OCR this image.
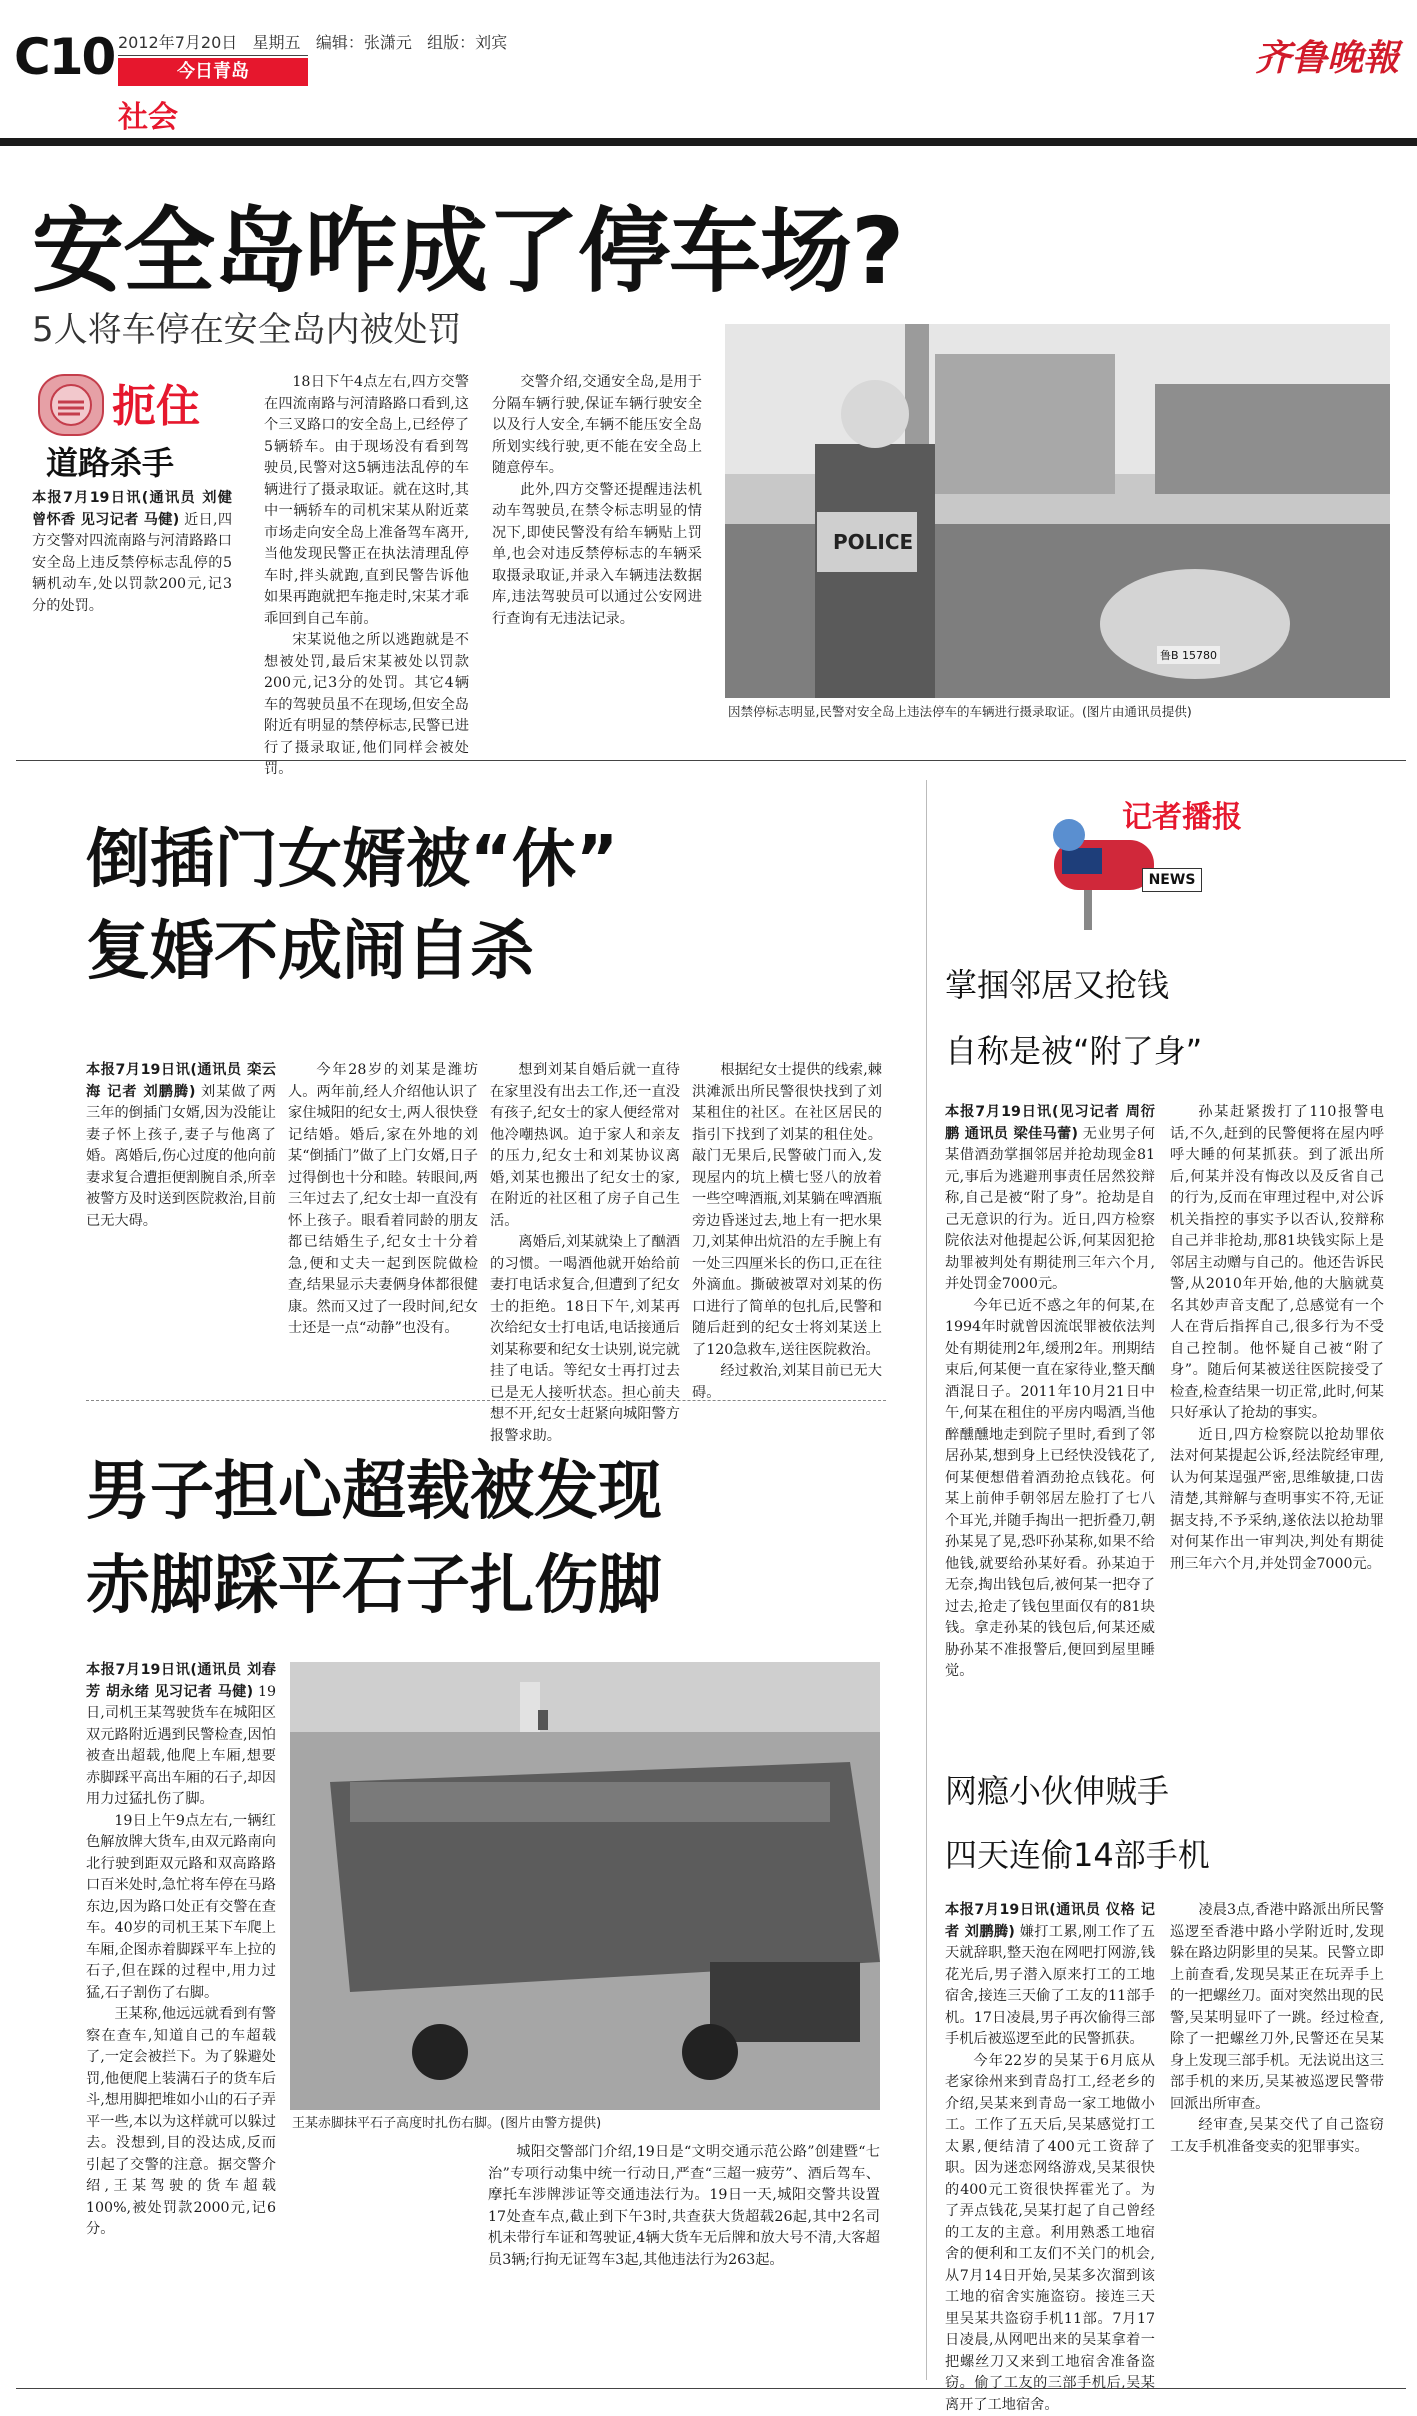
C10 2012年7月20日 星期五 编辑：张潇元 组版：刘宾
今日青岛
社会
齐鲁晚報
安全岛咋成了停车场?
5人将车停在安全岛内被处罚
扼住
道路杀手

本报7月19日讯(通讯员 刘健 曾怀香 见习记者 马健) 近日,四方交警对四流南路与河清路路口安全岛上违反禁停标志乱停的5辆机动车,处以罚款200元,记3分的处罚。

18日下午4点左右,四方交警在四流南路与河清路路口看到,这个三叉路口的安全岛上,已经停了5辆轿车。由于现场没有看到驾驶员,民警对这5辆违法乱停的车辆进行了摄录取证。就在这时,其中一辆轿车的司机宋某从附近菜市场走向安全岛上准备驾车离开,当他发现民警正在执法清理乱停车时,拌头就跑,直到民警告诉他如果再跑就把车拖走时,宋某才乖乖回到自己车前。

宋某说他之所以逃跑就是不想被处罚,最后宋某被处以罚款200元,记3分的处罚。其它4辆车的驾驶员虽不在现场,但安全岛附近有明显的禁停标志,民警已进行了摄录取证,他们同样会被处罚。

交警介绍,交通安全岛,是用于分隔车辆行驶,保证车辆行驶安全以及行人安全,车辆不能压安全岛所划实线行驶,更不能在安全岛上随意停车。

此外,四方交警还提醒违法机动车驾驶员,在禁令标志明显的情况下,即使民警没有给车辆贴上罚单,也会对违反禁停标志的车辆采取摄录取证,并录入车辆违法数据库,违法驾驶员可以通过公安网进行查询有无违法记录。

POLICE
鲁B 15780
因禁停标志明显,民警对安全岛上违法停车的车辆进行摄录取证。(图片由通讯员提供)
倒插门女婿被“休”
复婚不成闹自杀

本报7月19日讯(通讯员 栾云海 记者 刘鹏腾) 刘某做了两三年的倒插门女婿,因为没能让妻子怀上孩子,妻子与他离了婚。离婚后,伤心过度的他向前妻求复合遭拒便割腕自杀,所幸被警方及时送到医院救治,目前已无大碍。

今年28岁的刘某是潍坊人。两年前,经人介绍他认识了家住城阳的纪女士,两人很快登记结婚。婚后,家在外地的刘某“倒插门”做了上门女婿,日子过得倒也十分和睦。转眼间,两三年过去了,纪女士却一直没有怀上孩子。眼看着同龄的朋友都已结婚生子,纪女士十分着急,便和丈夫一起到医院做检查,结果显示夫妻俩身体都很健康。然而又过了一段时间,纪女士还是一点“动静”也没有。

想到刘某自婚后就一直待在家里没有出去工作,还一直没有孩子,纪女士的家人便经常对他冷嘲热讽。迫于家人和亲友的压力,纪女士和刘某协议离婚,刘某也搬出了纪女士的家,在附近的社区租了房子自己生活。

离婚后,刘某就染上了酗酒的习惯。一喝酒他就开始给前妻打电话求复合,但遭到了纪女士的拒绝。18日下午,刘某再次给纪女士打电话,电话接通后刘某称要和纪女士诀别,说完就挂了电话。等纪女士再打过去已是无人接听状态。担心前夫想不开,纪女士赶紧向城阳警方报警求助。

根据纪女士提供的线索,棘洪滩派出所民警很快找到了刘某租住的社区。在社区居民的指引下找到了刘某的租住处。敲门无果后,民警破门而入,发现屋内的坑上横七竖八的放着一些空啤酒瓶,刘某躺在啤酒瓶旁边昏迷过去,地上有一把水果刀,刘某伸出炕沿的左手腕上有一处三四厘米长的伤口,正在往外滴血。撕破被罩对刘某的伤口进行了简单的包扎后,民警和随后赶到的纪女士将刘某送上了120急救车,送往医院救治。

经过救治,刘某目前已无大碍。

男子担心超载被发现
赤脚踩平石子扎伤脚

本报7月19日讯(通讯员 刘春芳 胡永绪 见习记者 马健) 19日,司机王某驾驶货车在城阳区双元路附近遇到民警检查,因怕被查出超载,他爬上车厢,想要赤脚踩平高出车厢的石子,却因用力过猛扎伤了脚。

19日上午9点左右,一辆红色解放牌大货车,由双元路南向北行驶到距双元路和双高路路口百米处时,急忙将车停在马路东边,因为路口处正有交警在查车。40岁的司机王某下车爬上车厢,企图赤着脚踩平车上拉的石子,但在踩的过程中,用力过猛,石子割伤了右脚。

王某称,他远远就看到有警察在查车,知道自己的车超载了,一定会被拦下。为了躲避处罚,他便爬上装满石子的货车后斗,想用脚把堆如小山的石子弄平一些,本以为这样就可以躲过去。没想到,目的没达成,反而引起了交警的注意。据交警介绍,王某驾驶的货车超载100%,被处罚款2000元,记6分。

王某赤脚抹平石子高度时扎伤右脚。(图片由警方提供)

城阳交警部门介绍,19日是“文明交通示范公路”创建暨“七治”专项行动集中统一行动日,严查“三超一疲劳”、酒后驾车、摩托车涉牌涉证等交通违法行为。19日一天,城阳交警共设置17处查车点,截止到下午3时,共查获大货超载26起,其中2名司机未带行车证和驾驶证,4辆大货车无后牌和放大号不清,大客超员3辆;行拘无证驾车3起,其他违法行为263起。

记者播报
NEWS
掌掴邻居又抢钱
自称是被“附了身”

本报7月19日讯(见习记者 周衍鹏 通讯员 梁佳马蕾) 无业男子何某借酒劲掌掴邻居并抢劫现金81元,事后为逃避刑事责任居然狡辩称,自己是被“附了身”。抢劫是自己无意识的行为。近日,四方检察院依法对他提起公诉,何某因犯抢劫罪被判处有期徒刑三年六个月,并处罚金7000元。

今年已近不惑之年的何某,在1994年时就曾因流氓罪被依法判处有期徒刑2年,缓刑2年。刑期结束后,何某便一直在家待业,整天酗酒混日子。2011年10月21日中午,何某在租住的平房内喝酒,当他醉醺醺地走到院子里时,看到了邻居孙某,想到身上已经快没钱花了,何某便想借着酒劲抢点钱花。何某上前伸手朝邻居左脸打了七八个耳光,并随手掏出一把折叠刀,朝孙某晃了晃,恐吓孙某称,如果不给他钱,就要给孙某好看。孙某迫于无奈,掏出钱包后,被何某一把夺了过去,抢走了钱包里面仅有的81块钱。拿走孙某的钱包后,何某还威胁孙某不准报警后,便回到屋里睡觉。

孙某赶紧拨打了110报警电话,不久,赶到的民警便将在屋内呼呼大睡的何某抓获。到了派出所后,何某并没有悔改以及反省自己的行为,反而在审理过程中,对公诉机关指控的事实予以否认,狡辩称自己并非抢劫,那81块钱实际上是邻居主动赠与自己的。他还告诉民警,从2010年开始,他的大脑就莫名其妙声音支配了,总感觉有一个人在背后指挥自己,很多行为不受自己控制。他怀疑自己被“附了身”。随后何某被送往医院接受了检查,检查结果一切正常,此时,何某只好承认了抢劫的事实。

近日,四方检察院以抢劫罪依法对何某提起公诉,经法院经审理,认为何某逞强严密,思维敏捷,口齿清楚,其辩解与查明事实不符,无证据支持,不予采纳,遂依法以抢劫罪对何某作出一审判决,判处有期徒刑三年六个月,并处罚金7000元。

网瘾小伙伸贼手
四天连偷14部手机

本报7月19日讯(通讯员 仪格 记者 刘鹏腾) 嫌打工累,刚工作了五天就辞职,整天泡在网吧打网游,钱花光后,男子潜入原来打工的工地宿舍,接连三天偷了工友的11部手机。17日凌晨,男子再次偷得三部手机后被巡逻至此的民警抓获。

今年22岁的吴某于6月底从老家徐州来到青岛打工,经老乡的介绍,吴某来到青岛一家工地做小工。工作了五天后,吴某感觉打工太累,便结清了400元工资辞了职。因为迷恋网络游戏,吴某很快的400元工资很快挥霍光了。为了弄点钱花,吴某打起了自己曾经的工友的主意。利用熟悉工地宿舍的便利和工友们不关门的机会,从7月14日开始,吴某多次溜到该工地的宿舍实施盗窃。接连三天里吴某共盗窃手机11部。7月17日凌晨,从网吧出来的吴某拿着一把螺丝刀又来到工地宿舍准备盗窃。偷了工友的三部手机后,吴某离开了工地宿舍。

凌晨3点,香港中路派出所民警巡逻至香港中路小学附近时,发现躲在路边阴影里的吴某。民警立即上前查看,发现吴某正在玩弄手上的一把螺丝刀。面对突然出现的民警,吴某明显吓了一跳。经过检查,除了一把螺丝刀外,民警还在吴某身上发现三部手机。无法说出这三部手机的来历,吴某被巡逻民警带回派出所审查。

经审查,吴某交代了自己盗窃工友手机准备变卖的犯罪事实。
